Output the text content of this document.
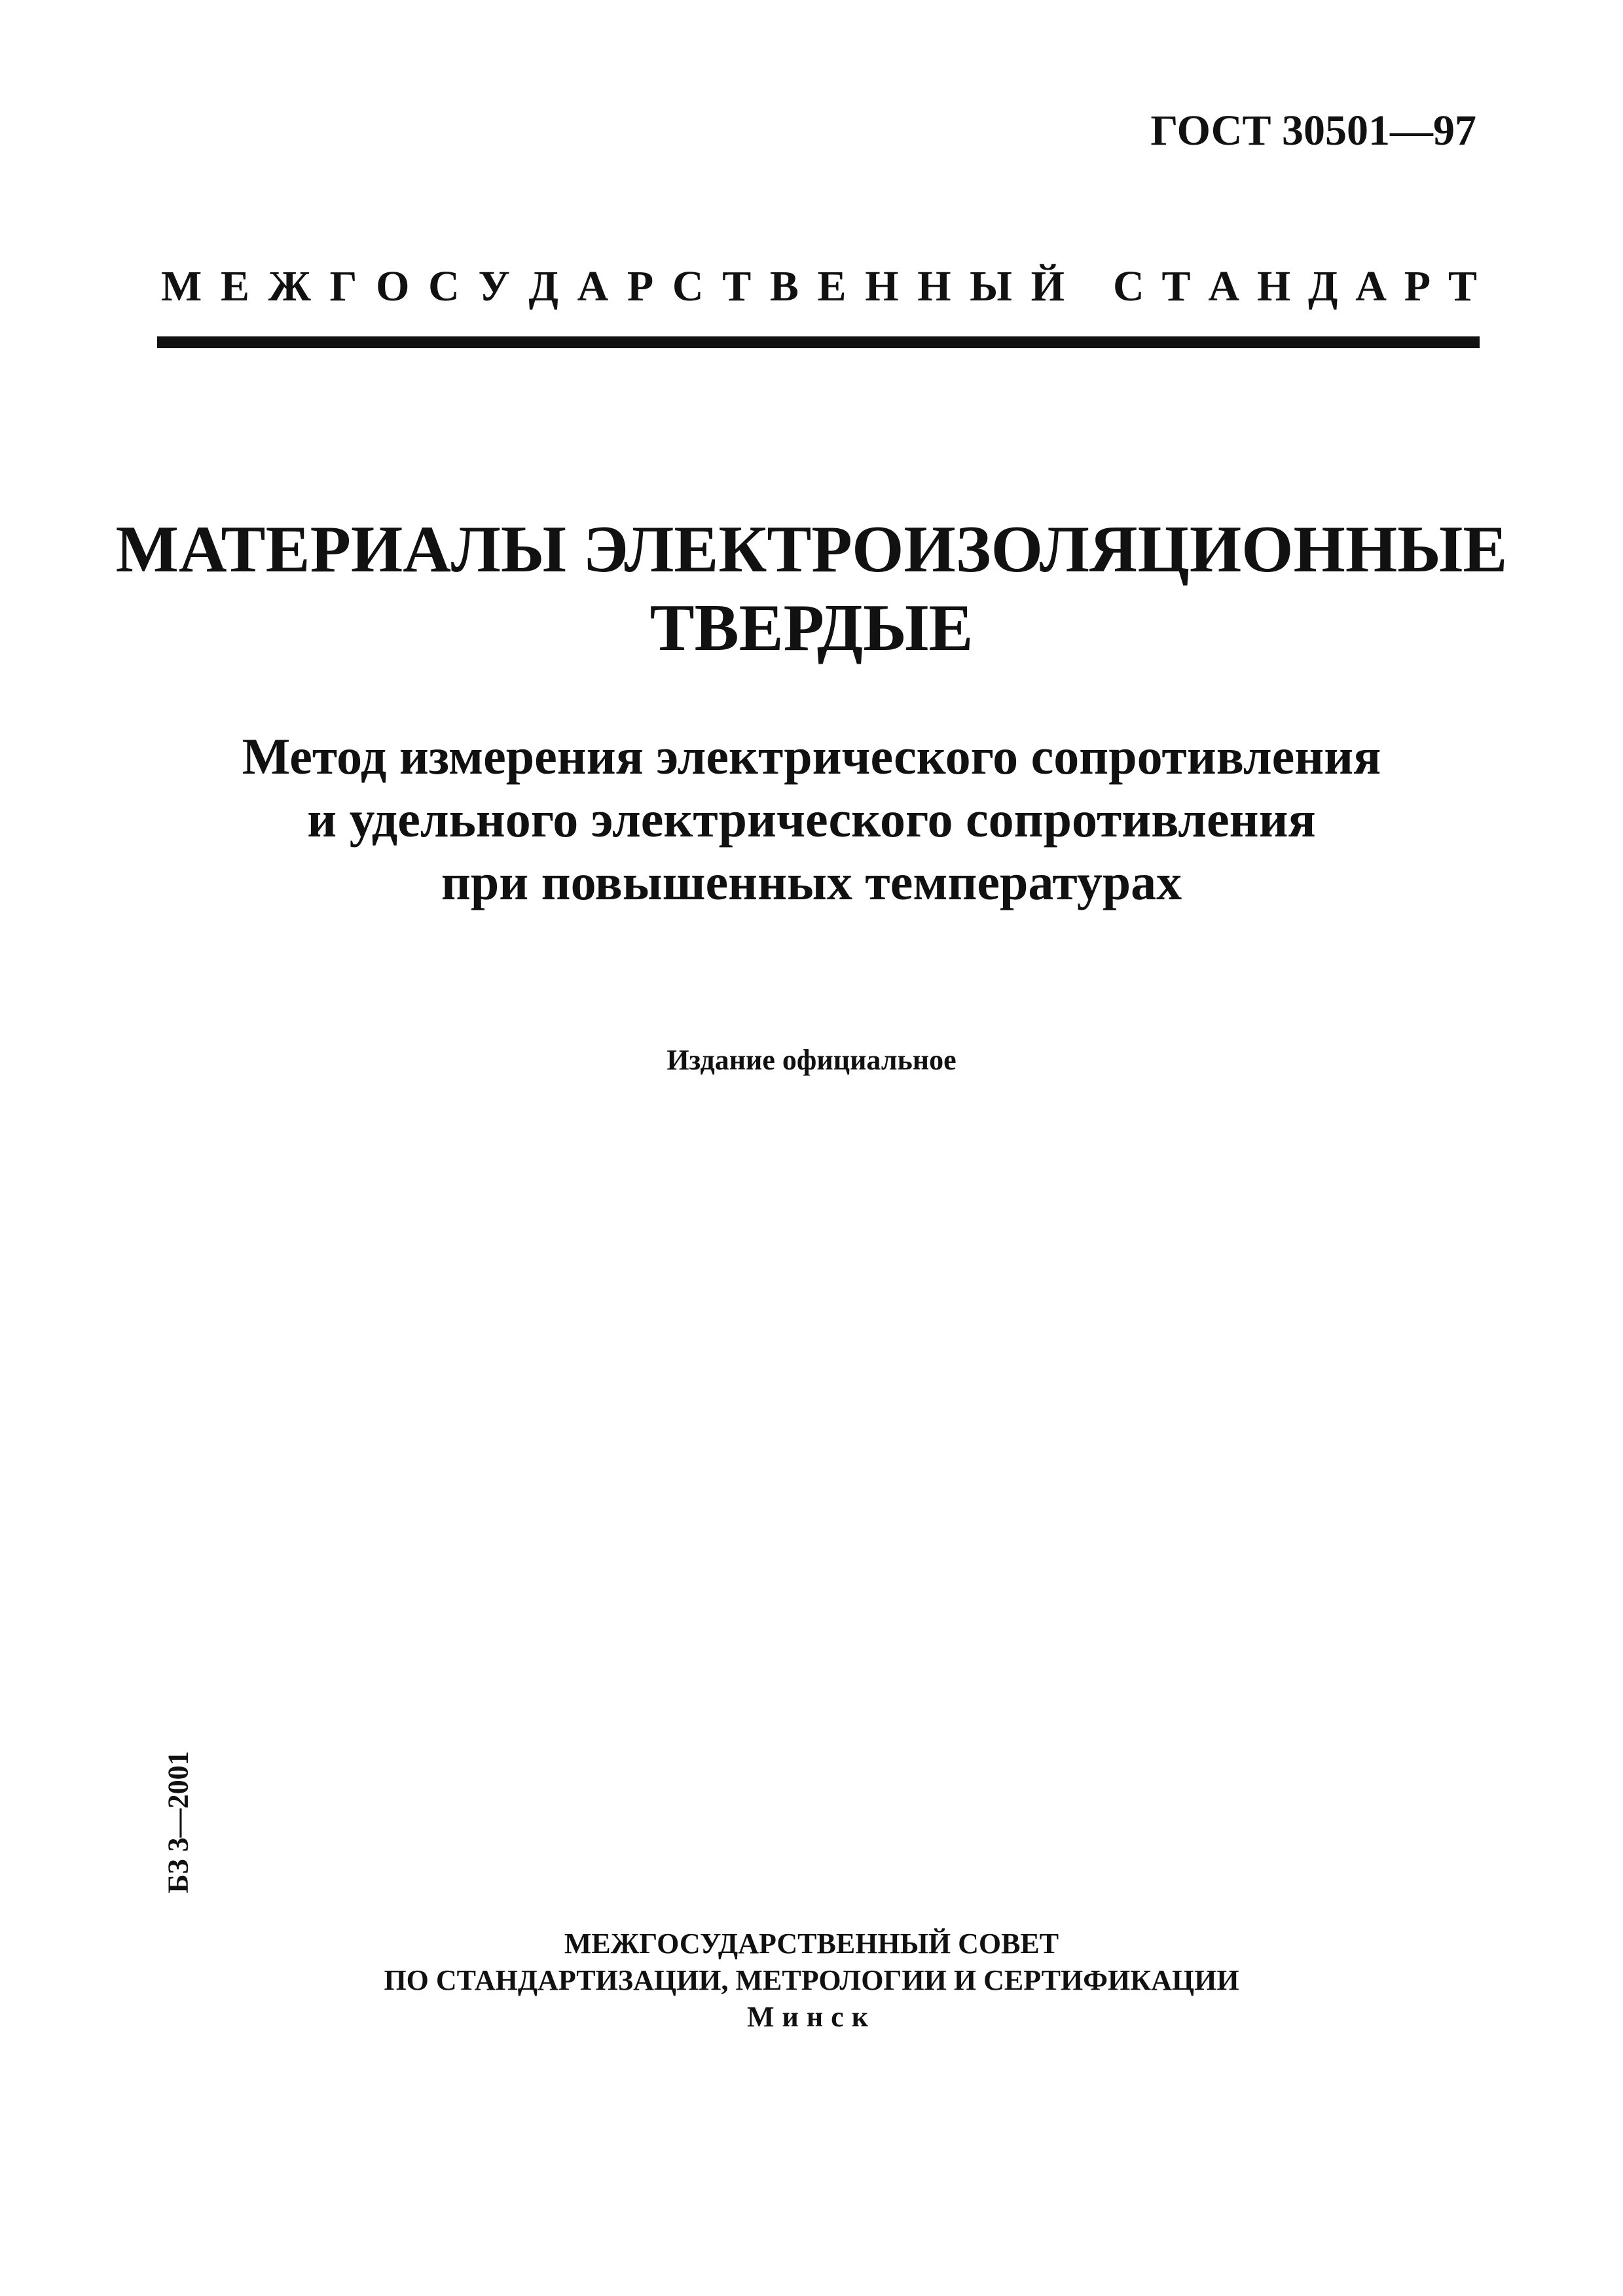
ГОСТ 30501—97
М Е Ж Г О С У Д А Р С Т В Е Н Н Ы Й С Т А Н Д А Р Т
МАТЕРИАЛЫ ЭЛЕКТРОИЗОЛЯЦИОННЫЕ
ТВЕРДЫЕ
Метод измерения электрического сопротивления
и удельного электрического сопротивления
при повышенных температурах
Издание официальное
БЗ 3—2001
МЕЖГОСУДАРСТВЕННЫЙ СОВЕТ
ПО СТАНДАРТИЗАЦИИ, МЕТРОЛОГИИ И СЕРТИФИКАЦИИ
Минск
